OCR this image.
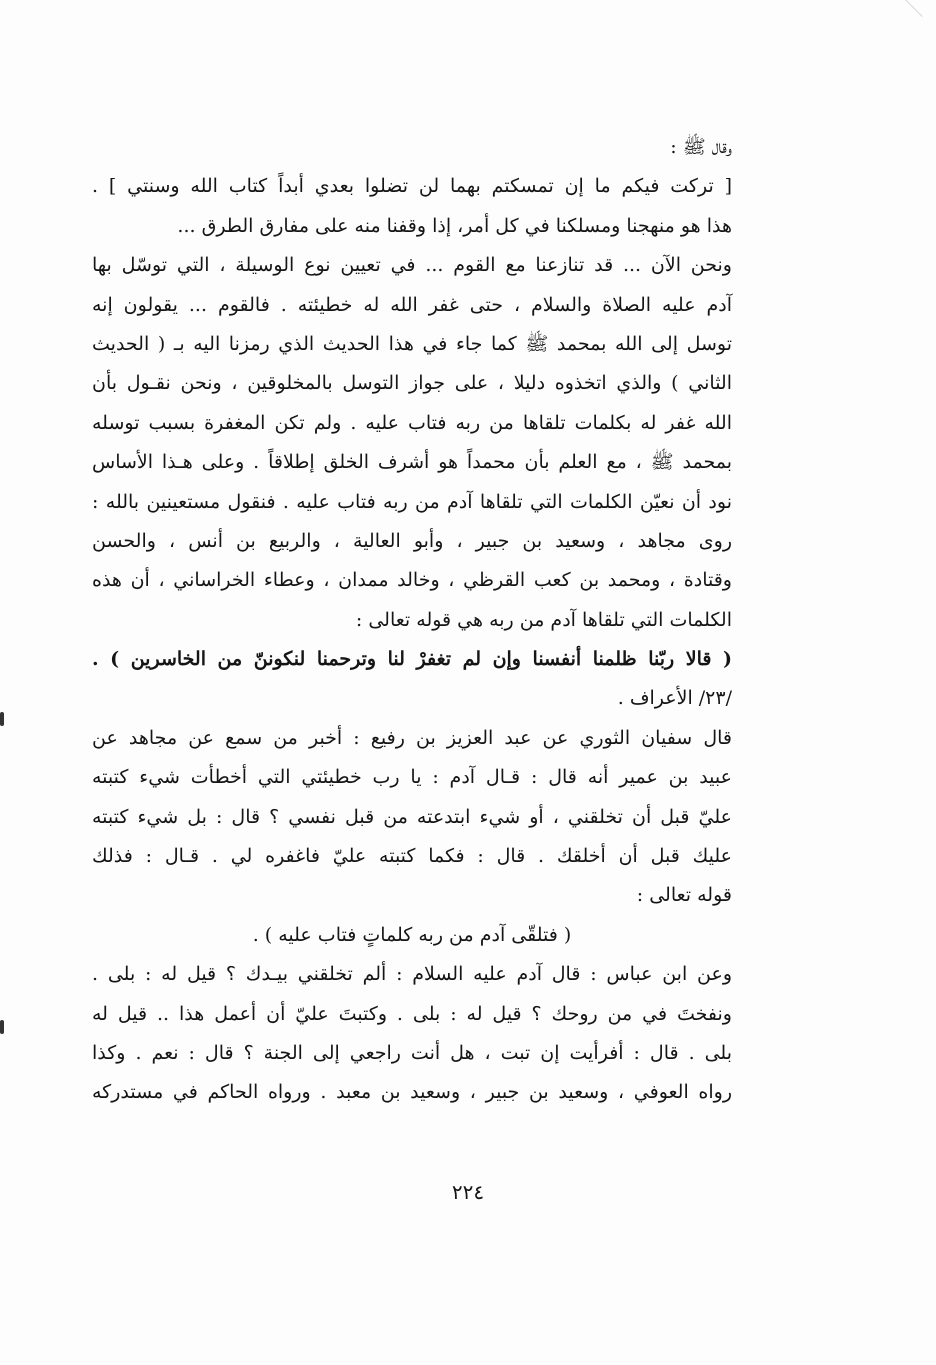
وقال ﷺ :
[ تركت فيكم ما إن تمسكتم بهما لن تضلوا بعدي أبداً كتاب الله وسنتي ] .
هذا هو منهجنا ومسلكنا في كل أمر، إذا وقفنا منه على مفارق الطرق ...
ونحن الآن ... قد تنازعنا مع القوم ... في تعيين نوع الوسيلة ، التي توسّل بها
آدم عليه الصلاة والسلام ، حتى غفر الله له خطيئته . فالقوم ... يقولون إنه
توسل إلى الله بمحمد ﷺ كما جاء في هذا الحديث الذي رمزنا اليه بـ ( الحديث
الثاني ) والذي اتخذوه دليلا ، على جواز التوسل بالمخلوقين ، ونحن نقـول بأن
الله غفر له بكلمات تلقاها من ربه فتاب عليه . ولم تكن المغفرة بسبب توسله
بمحمد ﷺ ، مع العلم بأن محمداً هو أشرف الخلق إطلاقاً . وعلى هـذا الأساس
نود أن نعيّن الكلمات التي تلقاها آدم من ربه فتاب عليه . فنقول مستعينين بالله :
روى مجاهد ، وسعيد بن جبير ، وأبو العالية ، والربيع بن أنس ، والحسن
وقتادة ، ومحمد بن كعب القرظي ، وخالد ممدان ، وعطاء الخراساني ، أن هذه
الكلمات التي تلقاها آدم من ربه هي قوله تعالى :
( قالا ربّنا ظلمنا أنفسنا وإن لم تغفرْ لنا وترحمنا لنكوننّ من الخاسرين ) .
/٢٣/ الأعراف .
قال سفيان الثوري عن عبد العزيز بن رفيع : أخبر من سمع عن مجاهد عن
عبيد بن عمير أنه قال : قـال آدم : يا رب خطيئتي التي أخطأت شيء كتبته
عليّ قبل أن تخلقني ، أو شيء ابتدعته من قبل نفسي ؟ قال : بل شيء كتبته
عليك قبل أن أخلقك . قال : فكما كتبته عليّ فاغفره لي . قـال : فذلك
قوله تعالى :
( فتلقّى آدم من ربه كلماتٍ فتاب عليه ) .
وعن ابن عباس : قال آدم عليه السلام : ألم تخلقني بيـدك ؟ قيل له : بلى .
ونفختَ في من روحك ؟ قيل له : بلى . وكتبتَ عليّ أن أعمل هذا .. قيل له
بلى . قال : أفرأيت إن تبت ، هل أنت راجعي إلى الجنة ؟ قال : نعم . وكذا
رواه العوفي ، وسعيد بن جبير ، وسعيد بن معبد . ورواه الحاكم في مستدركه
٢٢٤
